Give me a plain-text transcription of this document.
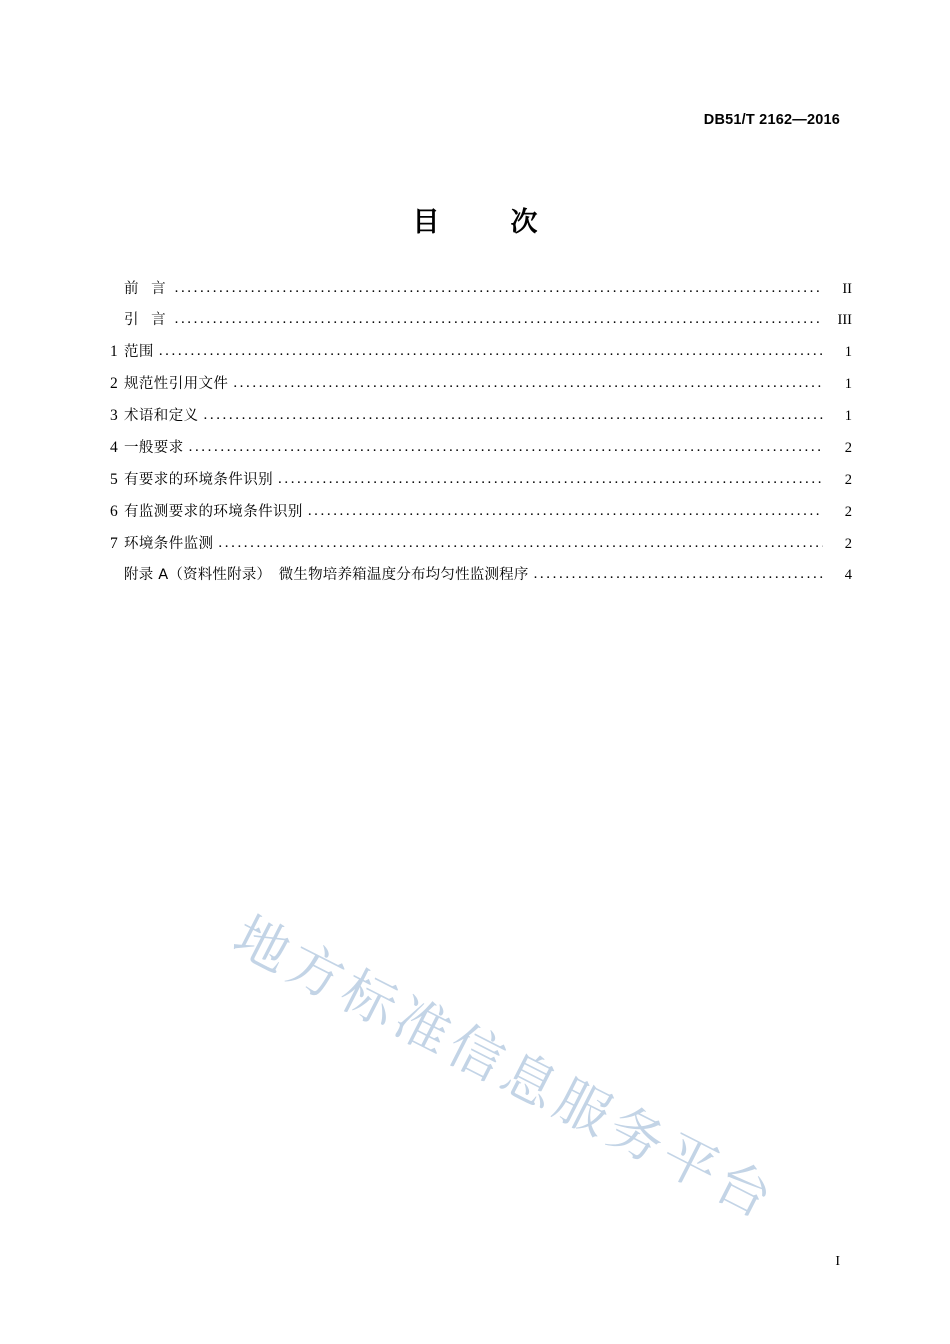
DB51/T 2162—2016
目　次
前 言 .....	II
引 言 .....	III
1 范围 .....	1
2 规范性引用文件 .....	1
3 术语和定义 .....	1
4 一般要求 .....	2
5 有要求的环境条件识别 .....	2
6 有监测要求的环境条件识别 .....	2
7 环境条件监测 .....	2
附录 A（资料性附录）　微生物培养箱温度分布均匀性监测程序 .....	4
地方标准信息服务平台
I
